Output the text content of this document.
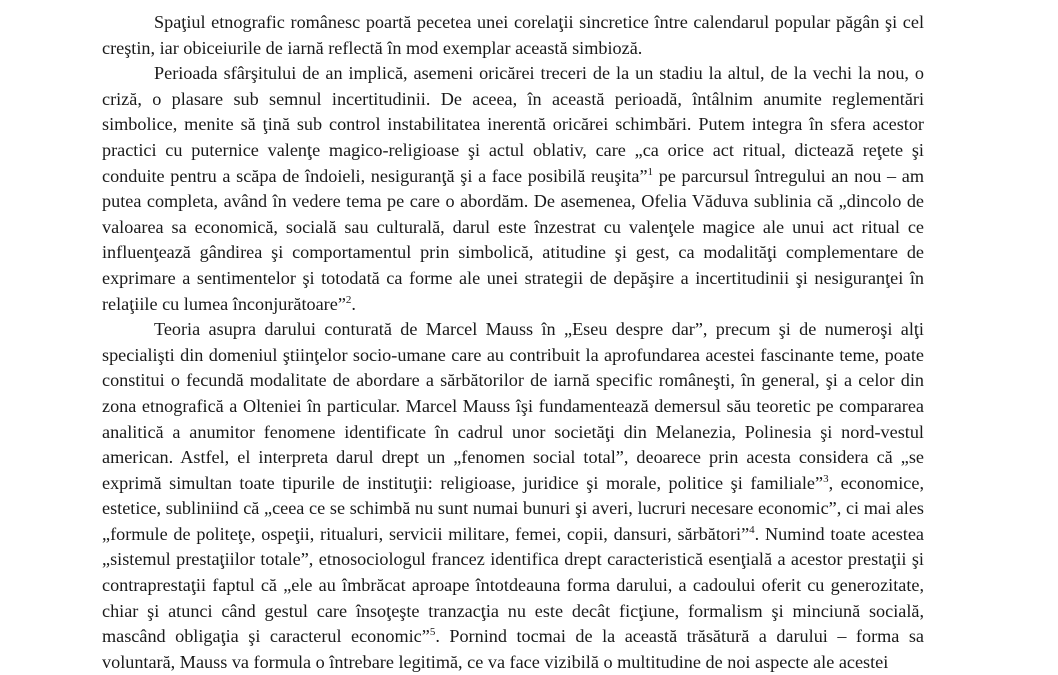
Spaţiul etnografic românesc poartă pecetea unei corelaţii sincretice între calendarul popular păgân şi cel creştin, iar obiceiurile de iarnă reflectă în mod exemplar această simbioză.

Perioada sfârşitului de an implică, asemeni oricărei treceri de la un stadiu la altul, de la vechi la nou, o criză, o plasare sub semnul incertitudinii. De aceea, în această perioadă, întâlnim anumite reglementări simbolice, menite să ţină sub control instabilitatea inerentă oricărei schimbări. Putem integra în sfera acestor practici cu puternice valenţe magico-religioase şi actul oblativ, care „ca orice act ritual, dictează reţete şi conduite pentru a scăpa de îndoieli, nesiguranţă şi a face posibilă reuşita”$^1$ pe parcursul întregului an nou – am putea completa, având în vedere tema pe care o abordăm. De asemenea, Ofelia Văduva sublinia că „dincolo de valoarea sa economică, socială sau culturală, darul este înzestrat cu valenţele magice ale unui act ritual ce influenţează gândirea şi comportamentul prin simbolică, atitudine şi gest, ca modalităţi complementare de exprimare a sentimentelor şi totodată ca forme ale unei strategii de depăşire a incertitudinii şi nesiguranţei în relaţiile cu lumea înconjurătoare”$^2$.

Teoria asupra darului conturată de Marcel Mauss în „Eseu despre dar”, precum şi de numeroşi alţi specialişti din domeniul ştiinţelor socio-umane care au contribuit la aprofundarea acestei fascinante teme, poate constitui o fecundă modalitate de abordare a sărbătorilor de iarnă specific româneşti, în general, şi a celor din zona etnografică a Olteniei în particular. Marcel Mauss îşi fundamentează demersul său teoretic pe compararea analitică a anumitor fenomene identificate în cadrul unor societăţi din Melanezia, Polinesia şi nord-vestul american. Astfel, el interpreta darul drept un „fenomen social total”, deoarece prin acesta considera că „se exprimă simultan toate tipurile de instituţii: religioase, juridice şi morale, politice şi familiale”$^3$, economice, estetice, subliniind că „ceea ce se schimbă nu sunt numai bunuri şi averi, lucruri necesare economic”, ci mai ales „formule de politeţe, ospeţii, ritualuri, servicii militare, femei, copii, dansuri, sărbători”$^4$. Numind toate acestea „sistemul prestaţiilor totale”, etnosociologul francez identifica drept caracteristică esenţială a acestor prestaţii şi contraprestaţii faptul că „ele au îmbrăcat aproape întotdeauna forma darului, a cadoului oferit cu generozitate, chiar şi atunci când gestul care însoţeşte tranzacţia nu este decât ficţiune, formalism şi minciună socială, mascând obligaţia şi caracterul economic”$^5$. Pornind tocmai de la această trăsătură a darului – forma sa voluntară, Mauss va formula o întrebare legitimă, ce va face vizibilă o multitudine de noi aspecte ale acestei
